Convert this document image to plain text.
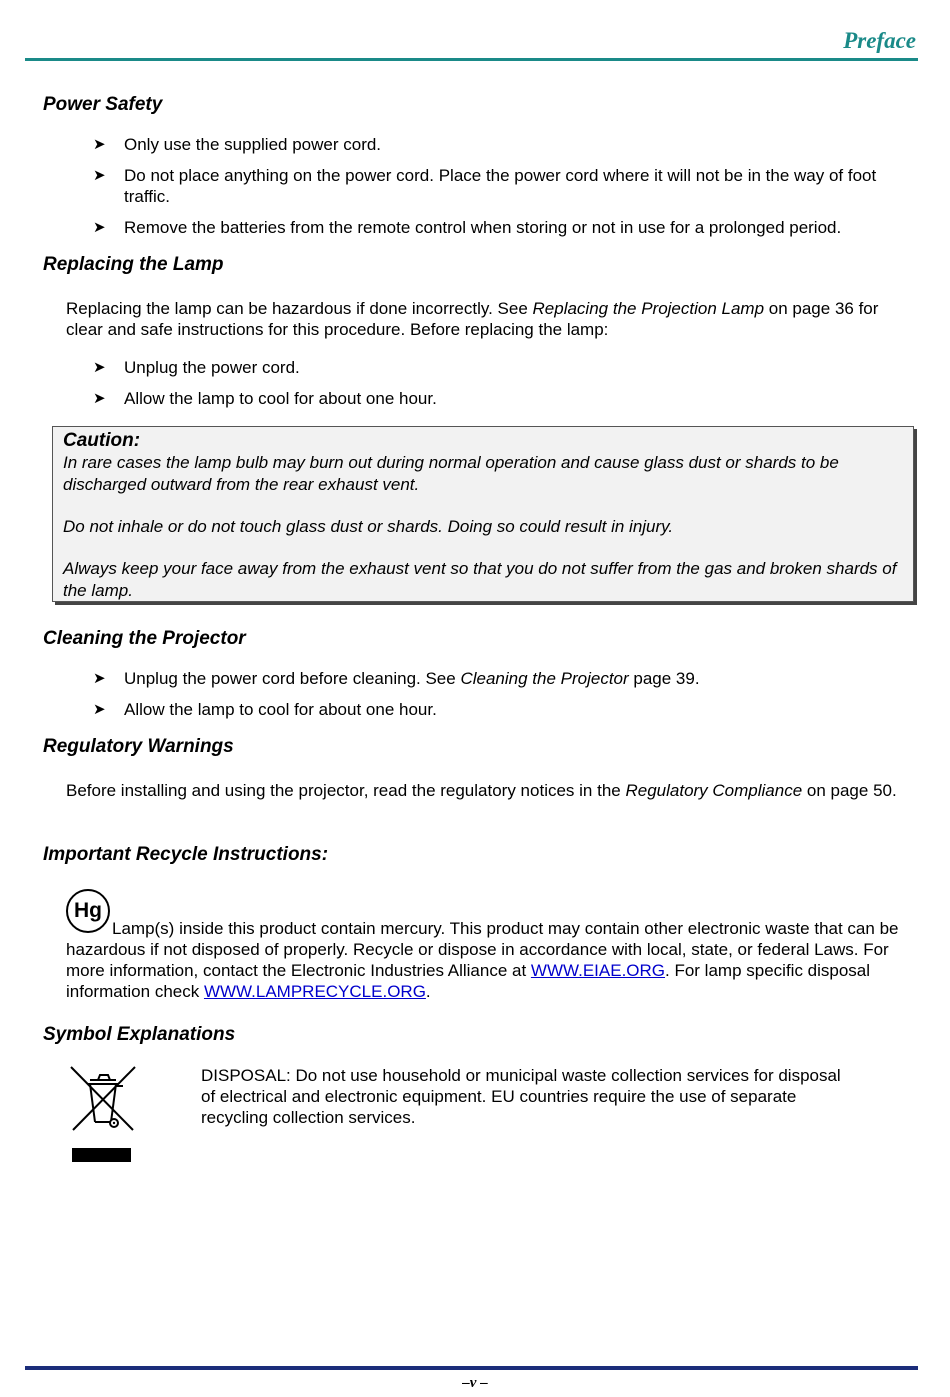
Preface
Power Safety
➤ Only use the supplied power cord.
➤ Do not place anything on the power cord. Place the power cord where it will not be in the way of foot traffic.
➤ Remove the batteries from the remote control when storing or not in use for a prolonged period.
Replacing the Lamp
Replacing the lamp can be hazardous if done incorrectly. See Replacing the Projection Lamp on page 36 for clear and safe instructions for this procedure. Before replacing the lamp:
➤ Unplug the power cord.
➤ Allow the lamp to cool for about one hour.
Caution:

In rare cases the lamp bulb may burn out during normal operation and cause glass dust or shards to be discharged outward from the rear exhaust vent.

Do not inhale or do not touch glass dust or shards. Doing so could result in injury.

Always keep your face away from the exhaust vent so that you do not suffer from the gas and broken shards of the lamp.

Cleaning the Projector
➤ Unplug the power cord before cleaning. See Cleaning the Projector page 39.
➤ Allow the lamp to cool for about one hour.
Regulatory Warnings
Before installing and using the projector, read the regulatory notices in the Regulatory Compliance on page 50.
Important Recycle Instructions:
Hg
Lamp(s) inside this product contain mercury. This product may contain other electronic waste that can be hazardous if not disposed of properly. Recycle or dispose in accordance with local, state, or federal Laws. For more information, contact the Electronic Industries Alliance at WWW.EIAE.ORG. For lamp specific disposal information check WWW.LAMPRECYCLE.ORG.
Symbol Explanations
DISPOSAL: Do not use household or municipal waste collection services for disposal of electrical and electronic equipment. EU countries require the use of separate recycling collection services.
–v –
